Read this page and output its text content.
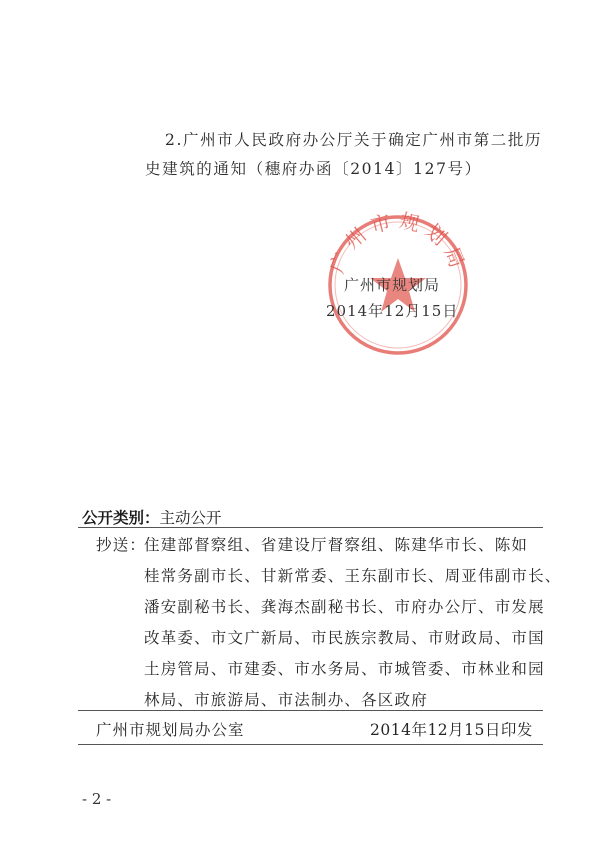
2.广州市人民政府办公厅关于确定广州市第二批历
史建筑的通知（穗府办函〔2014〕127号）
广州市规划局
广州市规划局
2014年12月15日
公开类别：主动公开
抄送：
住建部督察组、省建设厅督察组、陈建华市长、陈如
桂常务副市长、甘新常委、王东副市长、周亚伟副市长、
潘安副秘书长、龚海杰副秘书长、市府办公厅、市发展
改革委、市文广新局、市民族宗教局、市财政局、市国
土房管局、市建委、市水务局、市城管委、市林业和园
林局、市旅游局、市法制办、各区政府
广州市规划局办公室	2014年12月15日印发
- 2 -
